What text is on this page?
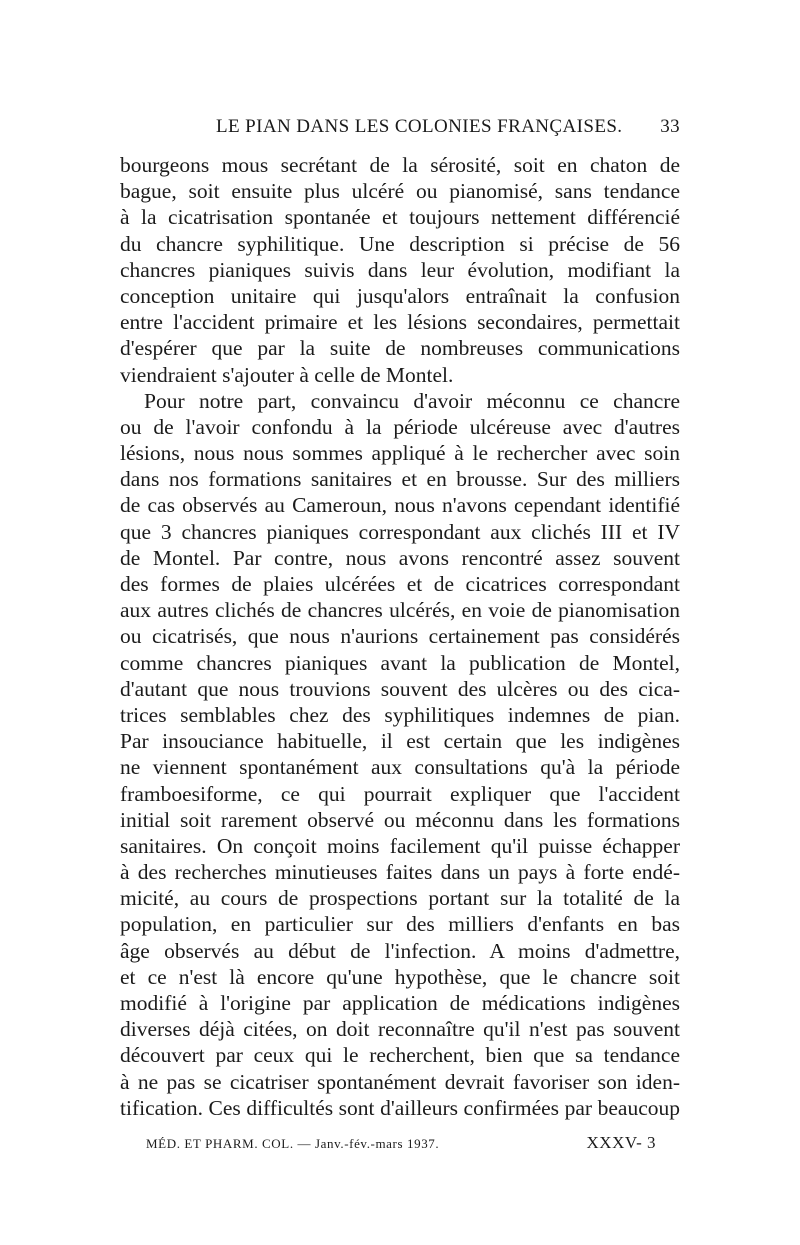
LE PIAN DANS LES COLONIES FRANÇAISES. 33
bourgeons mous secrétant de la sérosité, soit en chaton de
bague, soit ensuite plus ulcéré ou pianomisé, sans tendance
à la cicatrisation spontanée et toujours nettement différencié
du chancre syphilitique. Une description si précise de 56
chancres pianiques suivis dans leur évolution, modifiant la
conception unitaire qui jusqu'alors entraînait la confusion
entre l'accident primaire et les lésions secondaires, permettait
d'espérer que par la suite de nombreuses communications
viendraient s'ajouter à celle de Montel.
Pour notre part, convaincu d'avoir méconnu ce chancre
ou de l'avoir confondu à la période ulcéreuse avec d'autres
lésions, nous nous sommes appliqué à le rechercher avec soin
dans nos formations sanitaires et en brousse. Sur des milliers
de cas observés au Cameroun, nous n'avons cependant identifié
que 3 chancres pianiques correspondant aux clichés III et IV
de Montel. Par contre, nous avons rencontré assez souvent
des formes de plaies ulcérées et de cicatrices correspondant
aux autres clichés de chancres ulcérés, en voie de pianomisation
ou cicatrisés, que nous n'aurions certainement pas considérés
comme chancres pianiques avant la publication de Montel,
d'autant que nous trouvions souvent des ulcères ou des cica-
trices semblables chez des syphilitiques indemnes de pian.
Par insouciance habituelle, il est certain que les indigènes
ne viennent spontanément aux consultations qu'à la période
framboesiforme, ce qui pourrait expliquer que l'accident
initial soit rarement observé ou méconnu dans les formations
sanitaires. On conçoit moins facilement qu'il puisse échapper
à des recherches minutieuses faites dans un pays à forte endé-
micité, au cours de prospections portant sur la totalité de la
population, en particulier sur des milliers d'enfants en bas
âge observés au début de l'infection. A moins d'admettre,
et ce n'est là encore qu'une hypothèse, que le chancre soit
modifié à l'origine par application de médications indigènes
diverses déjà citées, on doit reconnaître qu'il n'est pas souvent
découvert par ceux qui le recherchent, bien que sa tendance
à ne pas se cicatriser spontanément devrait favoriser son iden-
tification. Ces difficultés sont d'ailleurs confirmées par beaucoup
MÉD. ET PHARM. COL. — Janv.-fév.-mars 1937.	XXXV- 3
